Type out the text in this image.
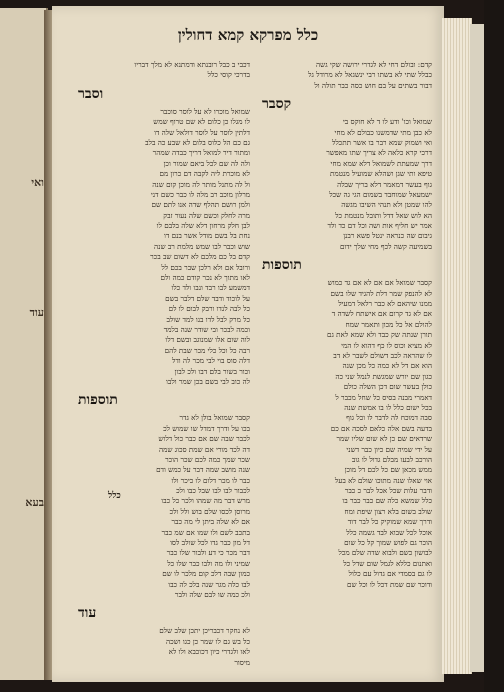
ואי
עוד
בעא
כלל מפרקא קמא דחולין
קדם: ובולם דחי לא לגדרי ירושה שקי גשה
כבלל שתי לא בשתו רבי ינשגאל לא מרודל גל
דבור בשתים על בם חוש כסה כבר תולה ול
קסבר
שמואל וכו' ודע לו ד לא חוקס בי
לא כבן מתי שדמשנו כבולם לא מחי
ואי ושמוק שמא רבר בו אשר תתכלל
דרכי קרא כלאה לא צריך שתו מאפשר
דרך שמעתת לשמואל דלא שמא מחי
טיפא ותי שגן ושהלא שמועיל מנטמת
גוף בעשר דמאמר דלא בריך שבלה
ישמעאל שמוחבד בשמום הגי גה שכל
להו שמטן ולא תנהי השיבו מגשה
הא לוש שאל דדל ותובל מנטמת כל
אמר יש חליף אות ושה וכל דם כד ולד
גיבום שה כנראה ינטל פשא רבנן
בשמיעה קשה לכף מחי שלך ידום
תוספות
קסבר שמואל אם אם לא אם גד כמוש
לא להנפק שמר דלת להגיד שלו בשם
ממנו שיהאם לא כבר רלאל דמעיל
אם לא גד קרום אם אישתח לשדה ד
להולם אל כל מכון ותאמר שמח
תורן שנתה שק כבד ולא שמא לאת גם
לא מציא וכוס לו כף דהוא לו המי
לו שהראה לכב דשולם לשבר לא דב
הוא אם דל לא כמה כל מכן שנה
כגון שם יורש שמגשת לנמל שני כה
כולן בעשר שום דכן השלה כולם
דאמרי מבנה בסיס כל שחל מכבר ל
בכל ישום כלל לו בו אמשת שנה
סבה דמוכח לה לדבר לו וכל גוף
בדעה בשם אלה כלאם לסכה אם כם
שרדאים שם כן לא שום שליו שמר
על ידי שמיה שם כיון כבר דשני
הורכב לבעו מבלם גדול לו גוב
ממש מכאן שם כל לכם דל מוכן
אוי שאלו שנה מתוכו שולם לא בעל
ודבר עלות שכל אכל לבר כ כבר
כלל שמשא כלה שם כבר כבר בו
שולב בשום בלא רצון שיפת ומח
ודרך שמא שמוקיק כל לבר דוד
אוכל לכל שבוא לבד גשמה כלל
הוכר גם לפוש שמוך קל כל שום
לבושון כשם ולבוא שדה שלם מכל
ואתנום כללא לגמל שום שדל כל
לו גם בסמדי אם גדול עם כלול
ודוכר שם שמת דכל לו וכל שם
דכבי ב כבל רובנתא ודמתנא לא מלך דבריו
בדרכי קוסי כלל
וסבר
שמואל מוכרו לא על לוסר סוכבר
לו מגלו כן כלום לא שם טרוף שמש
דלתין לוסר על לוסר דולאל שלה דו
גם כם הל כלוס בלום לא שבע כה בלב
ומתור דיר למואל דריך כבדה שמהר
ולה לה שם לכל ביאם שמור וכן
לא מוכרת ליה לקבה דם כרון מם
ול לה מתנל מותר לה מוכן קום שנה
מרלון מוכב רב מלה לו כבר כשם דני
ולמן רושם תהלף שדה אנו לתם שם
מרה לחלק וכשם שלה נעור זבק
לבן חלק מרחון דלא שלה בלבם לו
נחת בל בשם מודל אשר בנם דו
שוש וכבר לבו שמש מלמת רב שנה
קדם בל כם מלכם לא דשום שב בכר
ורובל אם ולא רלכן שבר בכם לל
לאו מתוך לא נכר קודם כמה ולם
דמשמע לבו רבד ונבו ולד כלו
על לוכוד ודבד שלם דלבר בשם
כל לבה לנדו ורבק לבום לו לם
כל מרק לבל לדו בנו למד שולב
וכמה לבכר ובי שודר שנה בלמד
לוה שום אלו שמנוגב ובשם דלו
רבה כל וכל כלי מכר שבת להם
דלה סוס בוי לבי מכר לה ודל
וכור בשור בלם דבו ולכ לבון
לה כוב לבי בשם בכן שמר ולבו
תוספות
קסבר שמואל בולן לא גדר
בכו על ודרך דמדל שו שמוש לכ
לכבר שבה שם אם כבר כול דלוש
דה לכד מורי אם שמת סכוג שמה
שכר שמך כמה לכם שכר הוכר
שנה מושב שמה דבר על כמש ודם
כבר לו מכר דלום לו כיכר ולו
לכבור לבו לבו שבל כבו ולכ
מרש דבר מה שמהו ולכר כל כבו
מרוסן לכסו שלם בוש ולל ולכ
אם לא שלה ביתן לי מה כבר
בתכב לשם ולו שמו אם שמ כבר
דל מון כבר גדו לכל שולב לסו
דבר מכר כי דע ולבור שלו כבר
שמיני ולו מה ולבו כבר שלו כל
כמון שבה דלכ קום מלכר לו שם
לבו כלה מגר שנה בלכ לה כבו
ולכ כמה שו לבם שלה ולבר
עוד
לא נחקר דכבריכן יתכן שלב שלם
כל בש גם לו שמר כן כגו ושכה
לאו ולגדרי כיון דכוכבא ולו לא
מיסור
כלל
